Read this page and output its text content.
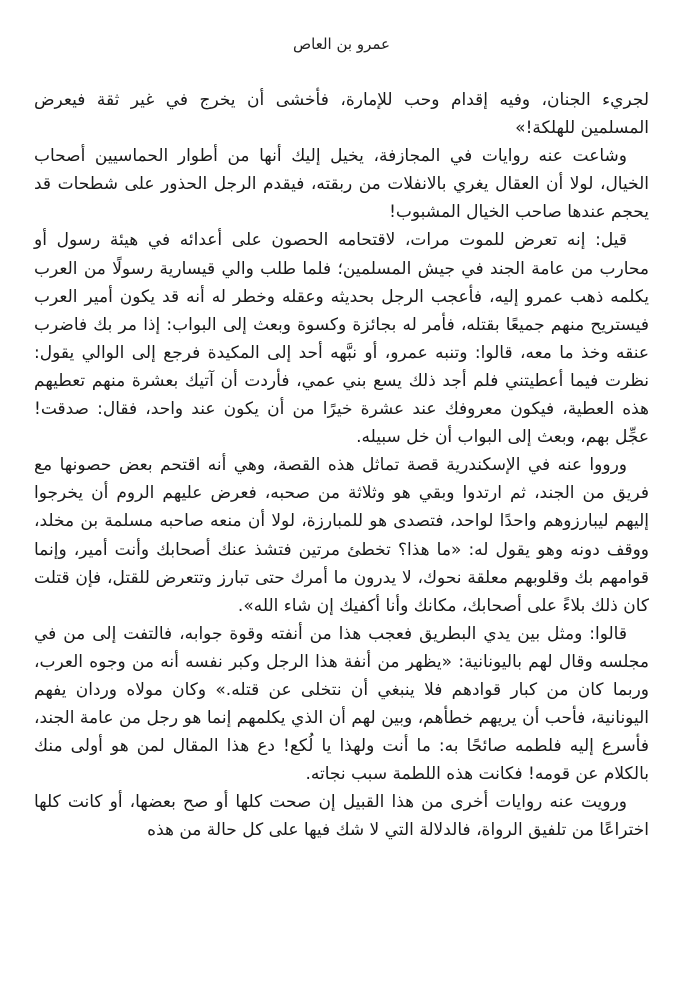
عمرو بن العاص

لجريء الجنان، وفيه إقدام وحب للإمارة، فأخشى أن يخرج في غير ثقة فيعرض المسلمين للهلكة!»

وشاعت عنه روايات في المجازفة، يخيل إليك أنها من أطوار الحماسيين أصحاب الخيال، لولا أن العقال يغري بالانفلات من ربقته، فيقدم الرجل الحذور على شطحات قد يحجم عندها صاحب الخيال المشبوب!

قيل: إنه تعرض للموت مرات، لاقتحامه الحصون على أعدائه في هيئة رسول أو محارب من عامة الجند في جيش المسلمين؛ فلما طلب والي قيسارية رسولًا من العرب يكلمه ذهب عمرو إليه، فأعجب الرجل بحديثه وعقله وخطر له أنه قد يكون أمير العرب فيستريح منهم جميعًا بقتله، فأمر له بجائزة وكسوة وبعث إلى البواب: إذا مر بك فاضرب عنقه وخذ ما معه، قالوا: وتنبه عمرو، أو نبَّهه أحد إلى المكيدة فرجع إلى الوالي يقول: نظرت فيما أعطيتني فلم أجد ذلك يسع بني عمي، فأردت أن آتيك بعشرة منهم تعطيهم هذه العطية، فيكون معروفك عند عشرة خيرًا من أن يكون عند واحد، فقال: صدقت! عجِّل بهم، وبعث إلى البواب أن خل سبيله.

ورووا عنه في الإسكندرية قصة تماثل هذه القصة، وهي أنه اقتحم بعض حصونها مع فريق من الجند، ثم ارتدوا وبقي هو وثلاثة من صحبه، فعرض عليهم الروم أن يخرجوا إليهم ليبارزوهم واحدًا لواحد، فتصدى هو للمبارزة، لولا أن منعه صاحبه مسلمة بن مخلد، ووقف دونه وهو يقول له: «ما هذا؟ تخطئ مرتين فتشذ عنك أصحابك وأنت أمير، وإنما قوامهم بك وقلوبهم معلقة نحوك، لا يدرون ما أمرك حتى تبارز وتتعرض للقتل، فإن قتلت كان ذلك بلاءً على أصحابك، مكانك وأنا أكفيك إن شاء الله».

قالوا: ومثل بين يدي البطريق فعجب هذا من أنفته وقوة جوابه، فالتفت إلى من في مجلسه وقال لهم باليونانية: «يظهر من أنفة هذا الرجل وكبر نفسه أنه من وجوه العرب، وربما كان من كبار قوادهم فلا ينبغي أن نتخلى عن قتله.» وكان مولاه وردان يفهم اليونانية، فأحب أن يريهم خطأهم، وبين لهم أن الذي يكلمهم إنما هو رجل من عامة الجند، فأسرع إليه فلطمه صائحًا به: ما أنت ولهذا يا لُكع! دع هذا المقال لمن هو أولى منك بالكلام عن قومه! فكانت هذه اللطمة سبب نجاته.

ورويت عنه روايات أخرى من هذا القبيل إن صحت كلها أو صح بعضها، أو كانت كلها اختراعًا من تلفيق الرواة، فالدلالة التي لا شك فيها على كل حالة من هذه
